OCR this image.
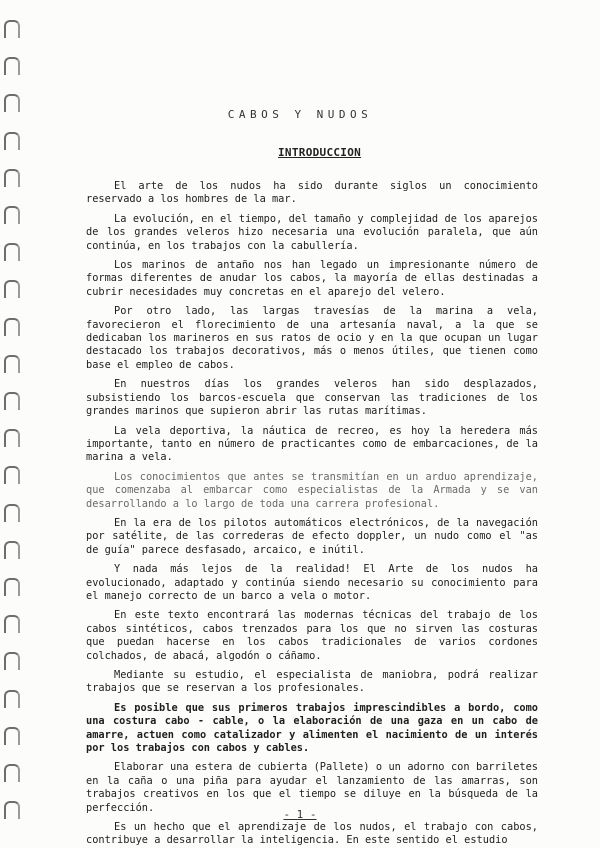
CABOS Y NUDOS
INTRODUCCION

El arte de los nudos ha sido durante siglos un conocimiento reservado a los hombres de la mar.

La evolución, en el tiempo, del tamaño y complejidad de los aparejos de los grandes veleros hizo necesaria una evolución paralela, que aún continúa, en los trabajos con la cabullería.

Los marinos de antaño nos han legado un impresionante número de formas diferentes de anudar los cabos, la mayoría de ellas destinadas a cubrir necesidades muy concretas en el aparejo del velero.

Por otro lado, las largas travesías de la marina a vela, favorecieron el florecimiento de una artesanía naval, a la que se dedicaban los marineros en sus ratos de ocio y en la que ocupan un lugar destacado los trabajos decorativos, más o menos útiles, que tienen como base el empleo de cabos.

En nuestros días los grandes veleros han sido desplazados, subsistiendo los barcos-escuela que conservan las tradiciones de los grandes marinos que supieron abrir las rutas marítimas.

La vela deportiva, la náutica de recreo, es hoy la heredera más importante, tanto en número de practicantes como de embarcaciones, de la marina a vela.

Los conocimientos que antes se transmitían en un arduo aprendizaje, que comenzaba al embarcar como especialistas de la Armada y se van desarrollando a lo largo de toda una carrera profesional.

En la era de los pilotos automáticos electrónicos, de la navegación por satélite, de las correderas de efecto doppler, un nudo como el "as de guía" parece desfasado, arcaico, e inútil.

Y nada más lejos de la realidad! El Arte de los nudos ha evolucionado, adaptado y continúa siendo necesario su conocimiento para el manejo correcto de un barco a vela o motor.

En este texto encontrará las modernas técnicas del trabajo de los cabos sintéticos, cabos trenzados para los que no sirven las costuras que puedan hacerse en los cabos tradicionales de varios cordones colchados, de abacá, algodón o cáñamo.

Mediante su estudio, el especialista de maniobra, podrá realizar trabajos que se reservan a los profesionales.

Es posible que sus primeros trabajos imprescindibles a bordo, como una costura cabo - cable, o la elaboración de una gaza en un cabo de amarre, actuen como catalizador y alimenten el nacimiento de un interés por los trabajos con cabos y cables.

Elaborar una estera de cubierta (Pallete) o un adorno con barriletes en la caña o una piña para ayudar el lanzamiento de las amarras, son trabajos creativos en los que el tiempo se diluye en la búsqueda de la perfección.

Es un hecho que el aprendizaje de los nudos, el trabajo con cabos, contribuye a desarrollar la inteligencia. En este sentido el estudio

- 1 -
